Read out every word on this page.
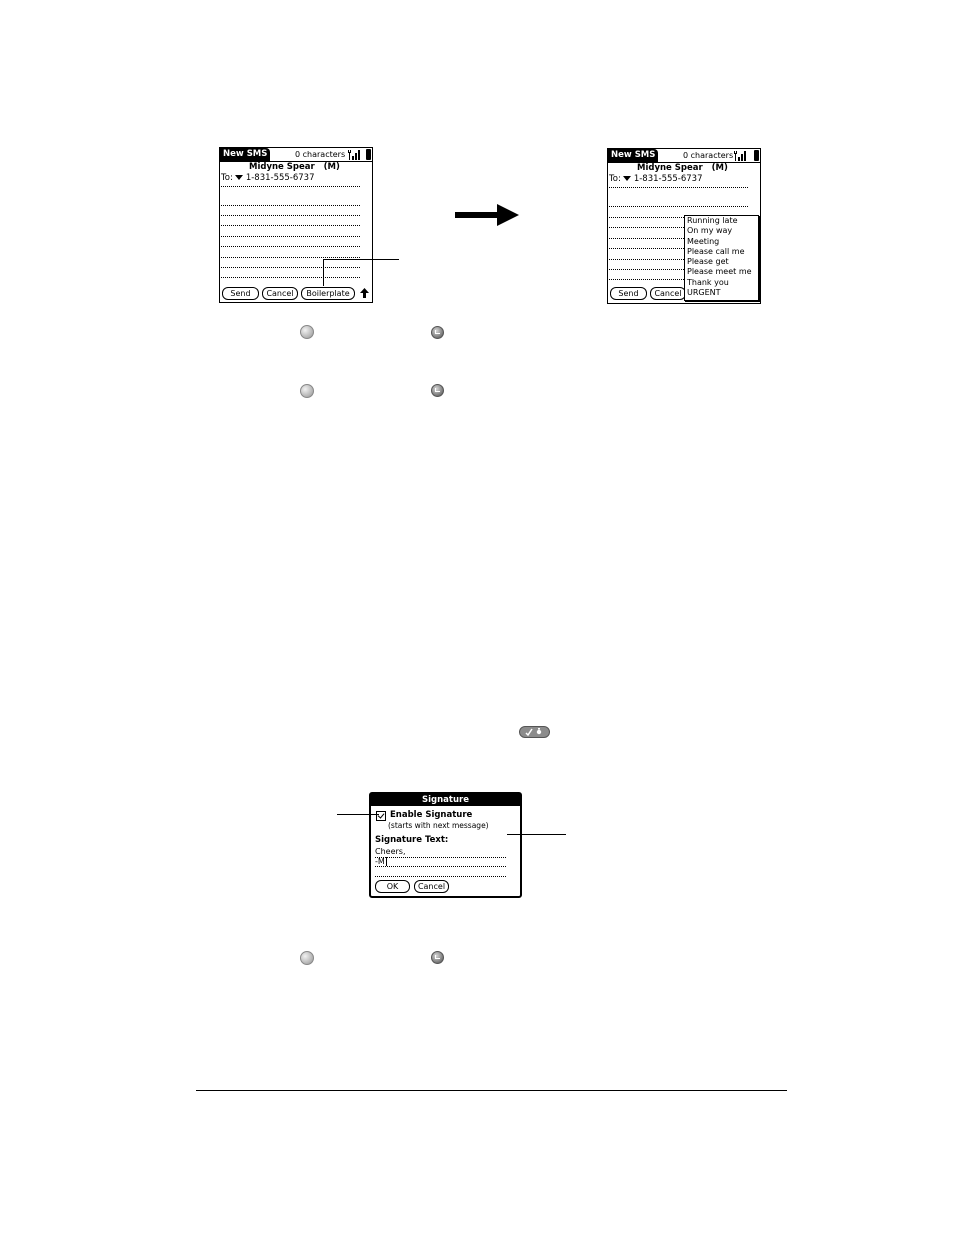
New SMS	0 characters
Midyne Spear (M)
To: 1-831-555-6737
Send	Cancel	Boilerplate
New SMS	0 characters
Midyne Spear (M)
To: 1-831-555-6737
Send	Cancel
Running late
On my way
Meeting
Please call me
Please get
Please meet me
Thank you
URGENT
Signature
Enable Signature
(starts with next message)
Signature Text:
Cheers,
-M
OK	Cancel
